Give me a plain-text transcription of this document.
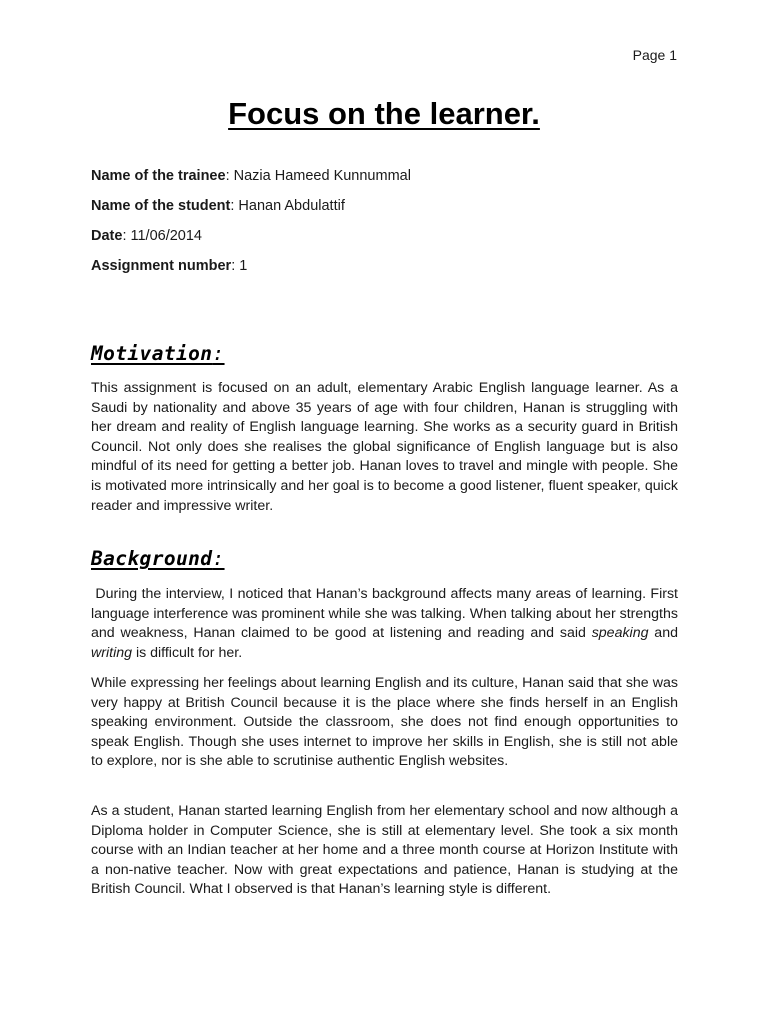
Page 1
Focus on the learner.
Name of the trainee: Nazia Hameed Kunnummal
Name of the student: Hanan Abdulattif
Date: 11/06/2014
Assignment number: 1
Motivation:

This assignment is focused on an adult, elementary Arabic English language learner. As a Saudi by nationality and above 35 years of age with four children, Hanan is struggling with her dream and reality of English language learning. She works as a security guard in British Council. Not only does she realises the global significance of English language but is also mindful of its need for getting a better job. Hanan loves to travel and mingle with people. She is motivated more intrinsically and her goal is to become a good listener, fluent speaker, quick reader and impressive writer.

Background:

During the interview, I noticed that Hanan’s background affects many areas of learning. First language interference was prominent while she was talking. When talking about her strengths and weakness, Hanan claimed to be good at listening and reading and said speaking and writing is difficult for her.

While expressing her feelings about learning English and its culture, Hanan said that she was very happy at British Council because it is the place where she finds herself in an English speaking environment. Outside the classroom, she does not find enough opportunities to speak English. Though she uses internet to improve her skills in English, she is still not able to explore, nor is she able to scrutinise authentic English websites.

As a student, Hanan started learning English from her elementary school and now although a Diploma holder in Computer Science, she is still at elementary level. She took a six month course with an Indian teacher at her home and a three month course at Horizon Institute with a non-native teacher. Now with great expectations and patience, Hanan is studying at the British Council. What I observed is that Hanan’s learning style is different.
